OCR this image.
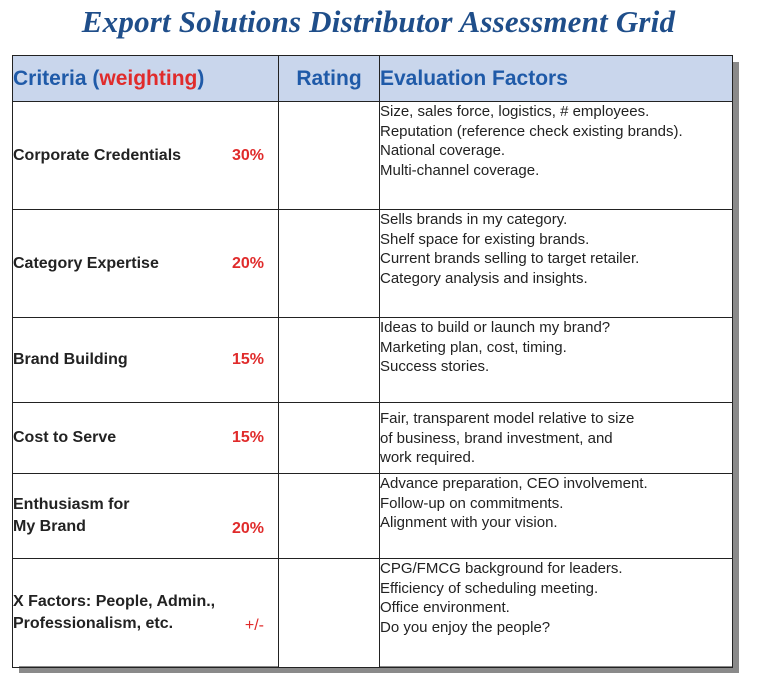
Export Solutions Distributor Assessment Grid
Criteria (weighting)	Rating	Evaluation Factors

Corporate Credentials 30%		Size, sales force, logistics, # employees.
Reputation (reference check existing brands).
National coverage.
Multi-channel coverage.

Category Expertise 20%		Sells brands in my category.
Shelf space for existing brands.
Current brands selling to target retailer.
Category analysis and insights.

Brand Building 15%		Ideas to build or launch my brand?
Marketing plan, cost, timing.
Success stories.

Cost to Serve 15%		Fair, transparent model relative to size
of business, brand investment, and
work required.

Enthusiasm for
My Brand 20%		Advance preparation, CEO involvement.
Follow-up on commitments.
Alignment with your vision.

X Factors: People, Admin.,
Professionalism, etc. +/-		CPG/FMCG background for leaders.
Efficiency of scheduling meeting.
Office environment.
Do you enjoy the people?
